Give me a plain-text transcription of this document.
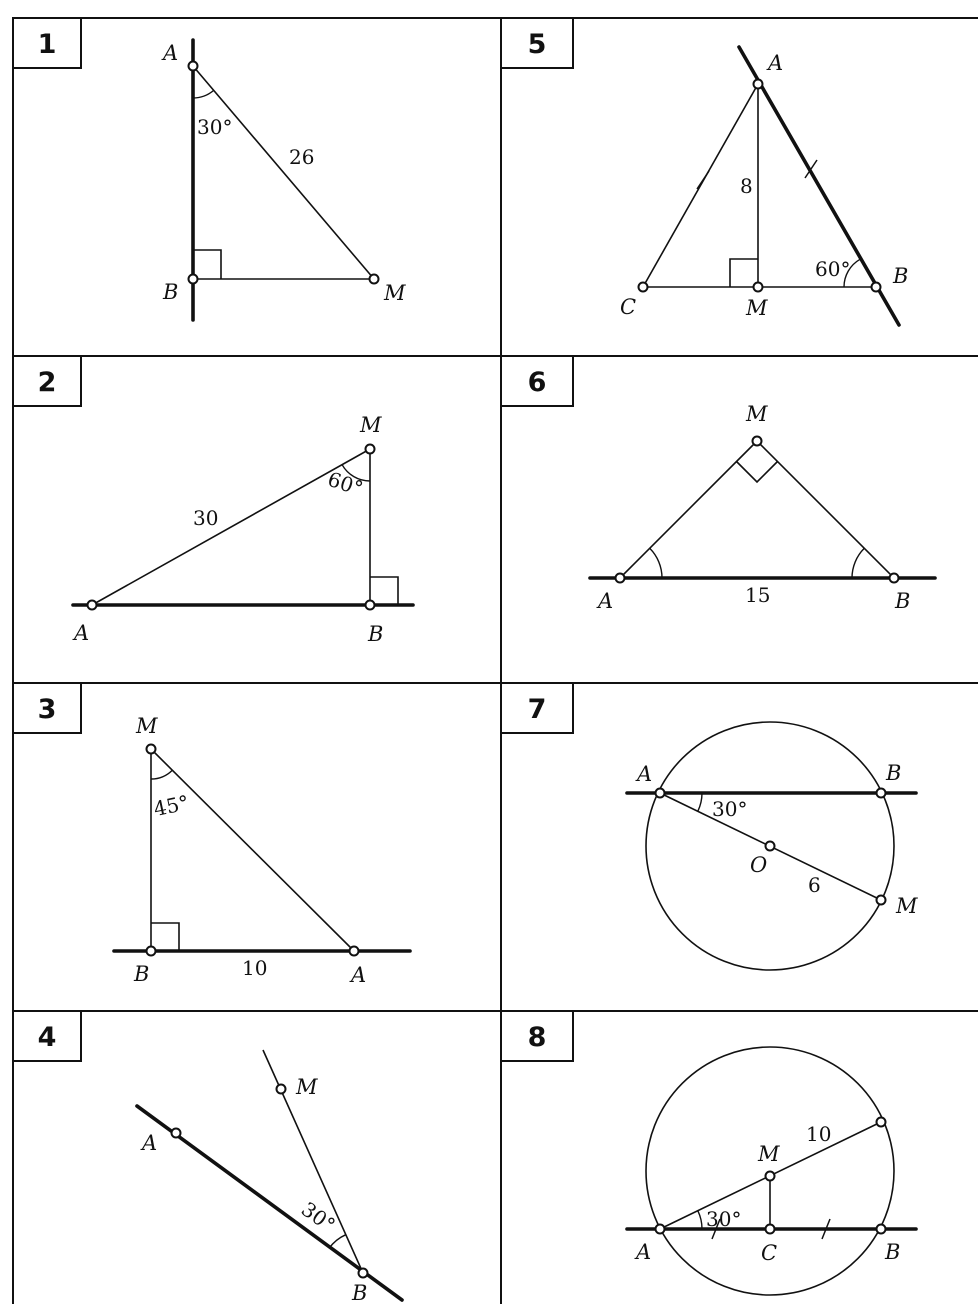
1	5
2	6
3	7
4	8
A
B	M
30°
26
A	B
M
60°
30
M
B	A
45°
10
A
M
B
30°
A
C	M
B
8
60°
A
M
B
15
A	B
O
M
30°
6
A	B
C
M
30°
10
